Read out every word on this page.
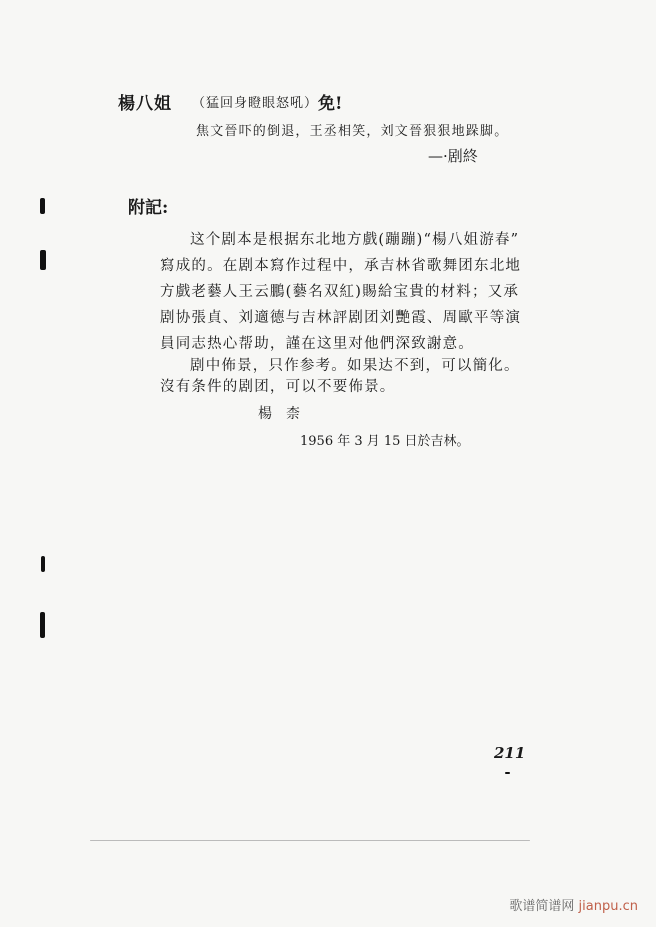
楊八姐 （猛回身瞪眼怒吼） 免!
焦文晉吓的倒退，王丞相笑，刘文晉狠狠地跺脚。
—·剧終
附記:
这个剧本是根据东北地方戲(蹦蹦)“楊八姐游春”
寫成的。在剧本寫作过程中，承吉林省歌舞团东北地
方戲老藝人王云鵬(藝名双紅)賜給宝貴的材料；又承
剧协張貞、刘適德与吉林評剧团刘艷霞、周歐平等演
員同志热心帮助，謹在这里对他們深致謝意。
剧中佈景，只作参考。如果达不到，可以簡化。
沒有条件的剧团，可以不要佈景。
楊　柰
1956 年 3 月 15 日於吉林。
211
歌谱简谱网 jianpu.cn
